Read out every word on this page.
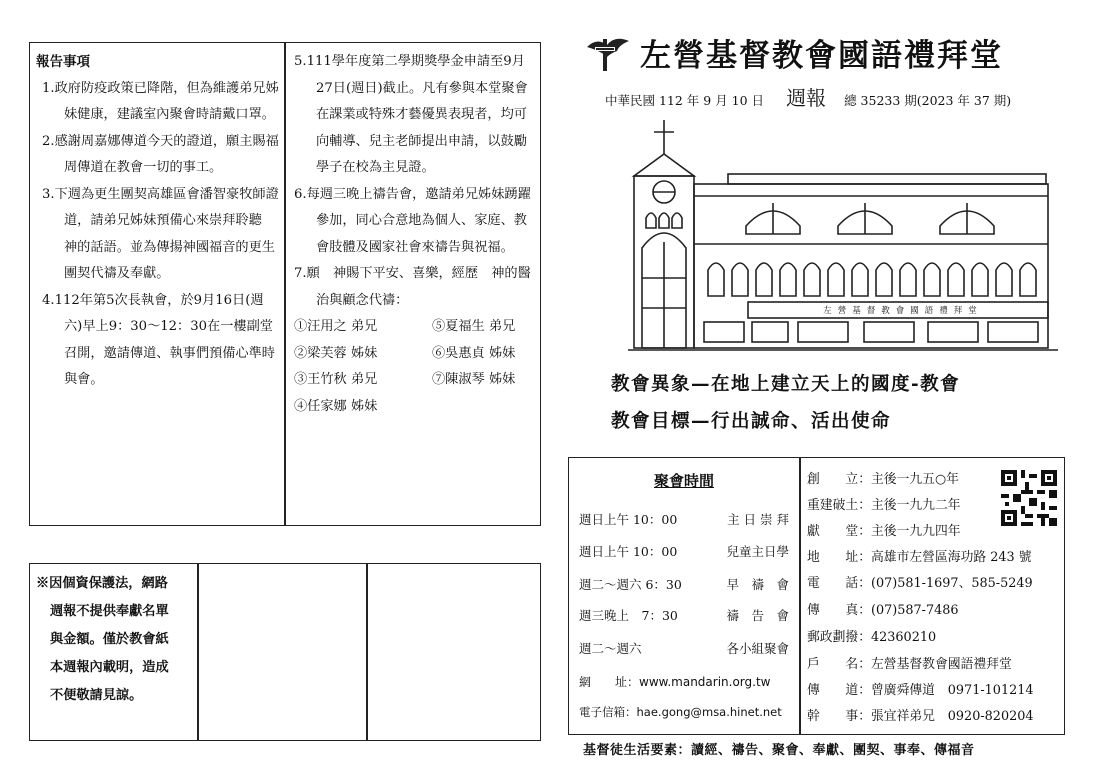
報告事項

1.政府防疫政策已降階，但為維護弟兄姊妹健康，建議室內聚會時請戴口罩。

2.感謝周嘉娜傳道今天的證道，願主賜福周傳道在教會一切的事工。

3.下週為更生團契高雄區會潘智豪牧師證道，請弟兄姊妹預備心來崇拜聆聽　神的話語。並為傳揚神國福音的更生團契代禱及奉獻。

4.112年第5次長執會，於9月16日(週六)早上9：30～12：30在一樓副堂召開，邀請傳道、執事們預備心準時與會。

5.111學年度第二學期獎學金申請至9月27日(週日)截止。凡有參與本堂聚會在課業或特殊才藝優異表現者，均可向輔導、兒主老師提出申請，以鼓勵學子在校為主見證。

6.每週三晚上禱告會，邀請弟兄姊妹踴躍參加，同心合意地為個人、家庭、教會肢體及國家社會來禱告與祝福。

7.願　神賜下平安、喜樂，經歷　神的醫治與顧念代禱：

①汪用之 弟兄	⑤夏福生 弟兄
②梁芙蓉 姊妹	⑥吳惠貞 姊妹
③王竹秋 弟兄	⑦陳淑琴 姊妹
④任家娜 姊妹

※因個資保護法，網路

週報不提供奉獻名單

與金額。僅於教會紙

本週報內載明，造成

不便敬請見諒。

左營基督教會國語禮拜堂
中華民國 112 年 9 月 10 日 週報 總 35233 期(2023 年 37 期)
左營基督教會國語禮拜堂
教會異象—在地上建立天上的國度-教會
教會目標—行出誠命、活出使命
聚會時間
週日上午 10：00	主 日 崇 拜
週日上午 10：00	兒童主日學
週二～週六 6：30	早　禱　會
週三晚上　7：30	禱　告　會
週二～週六	各小組聚會
網　　址：www.mandarin.org.tw
電子信箱：hae.gong@msa.hinet.net
創　　立：主後一九五○年
重建破土：主後一九九二年
獻　　堂：主後一九九四年
地　　址：高雄市左營區海功路 243 號
電　　話：(07)581-1697、585-5249
傳　　真：(07)587-7486
郵政劃撥：42360210
戶　　名：左營基督教會國語禮拜堂
傳　　道：曾廣舜傳道　0971-101214
幹　　事：張宜祥弟兄　0920-820204
基督徒生活要素：讀經、禱告、聚會、奉獻、團契、事奉、傳福音
